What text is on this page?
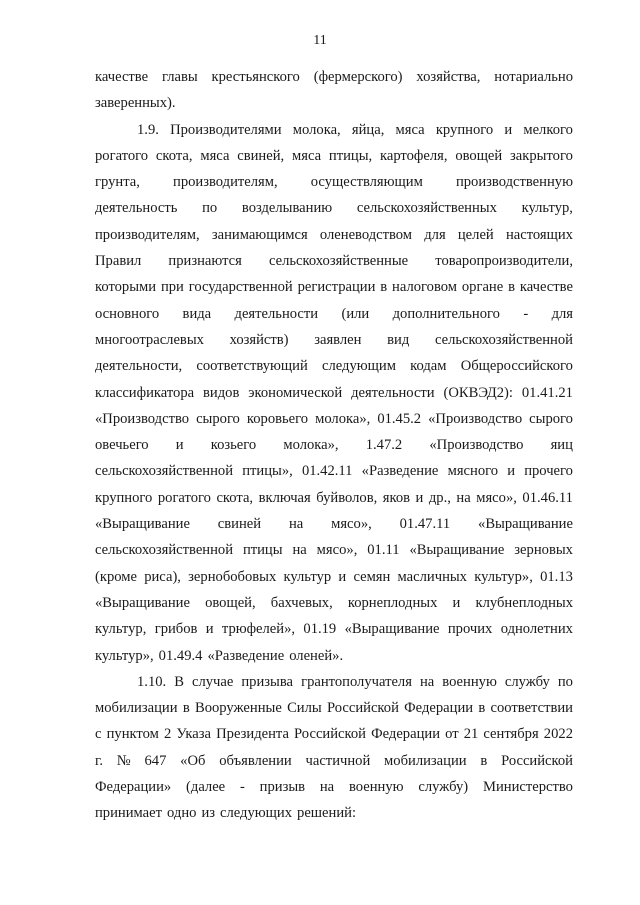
11
качестве главы крестьянского (фермерского) хозяйства, нотариально
заверенных).
1.9. Производителями молока, яйца, мяса крупного и мелкого
рогатого скота, мяса свиней, мяса птицы, картофеля, овощей закрытого
грунта, производителям, осуществляющим производственную
деятельность по возделыванию сельскохозяйственных культур,
производителям, занимающимся оленеводством для целей настоящих
Правил признаются сельскохозяйственные товаропроизводители,
которыми при государственной регистрации в налоговом органе в качестве
основного вида деятельности (или дополнительного - для
многоотраслевых хозяйств) заявлен вид сельскохозяйственной
деятельности, соответствующий следующим кодам Общероссийского
классификатора видов экономической деятельности (ОКВЭД2): 01.41.21
«Производство сырого коровьего молока», 01.45.2 «Производство сырого
овечьего и козьего молока», 1.47.2 «Производство яиц
сельскохозяйственной птицы», 01.42.11 «Разведение мясного и прочего
крупного рогатого скота, включая буйволов, яков и др., на мясо», 01.46.11
«Выращивание свиней на мясо», 01.47.11 «Выращивание
сельскохозяйственной птицы на мясо», 01.11 «Выращивание зерновых
(кроме риса), зернобобовых культур и семян масличных культур», 01.13
«Выращивание овощей, бахчевых, корнеплодных и клубнеплодных
культур, грибов и трюфелей», 01.19 «Выращивание прочих однолетних
культур», 01.49.4 «Разведение оленей».
1.10. В случае призыва грантополучателя на военную службу по
мобилизации в Вооруженные Силы Российской Федерации в соответствии
с пунктом 2 Указа Президента Российской Федерации от 21 сентября 2022
г. № 647 «Об объявлении частичной мобилизации в Российской
Федерации» (далее - призыв на военную службу) Министерство
принимает одно из следующих решений:
